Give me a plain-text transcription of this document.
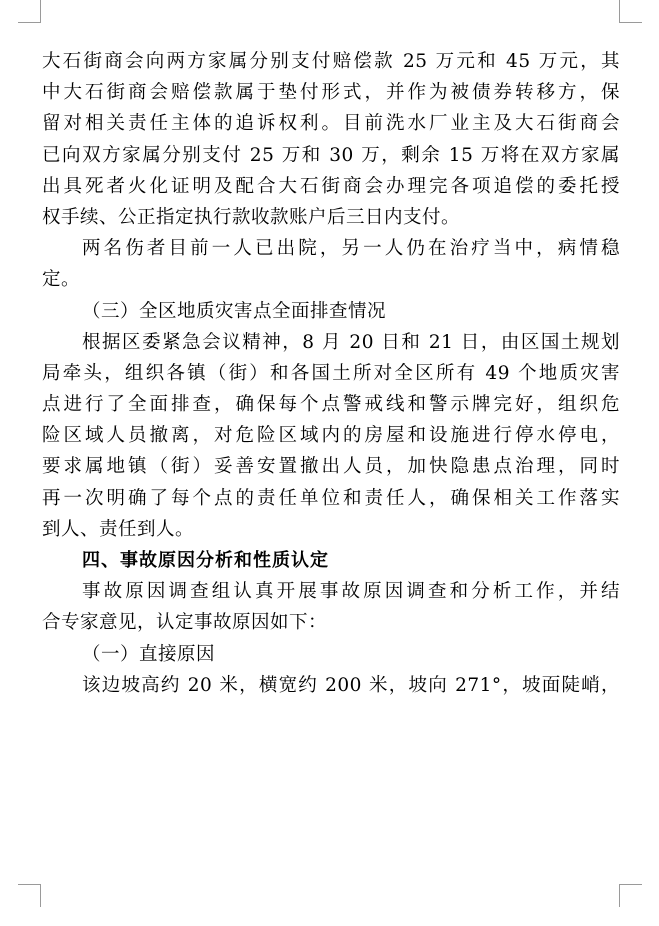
大石街商会向两方家属分别支付赔偿款 25 万元和 45 万元，其
中大石街商会赔偿款属于垫付形式，并作为被债券转移方，保
留对相关责任主体的追诉权利。目前洗水厂业主及大石街商会
已向双方家属分别支付 25 万和 30 万，剩余 15 万将在双方家属
出具死者火化证明及配合大石街商会办理完各项追偿的委托授
权手续、公正指定执行款收款账户后三日内支付。
两名伤者目前一人已出院，另一人仍在治疗当中，病情稳
定。
（三）全区地质灾害点全面排查情况
根据区委紧急会议精神，8 月 20 日和 21 日，由区国土规划
局牵头，组织各镇（街）和各国土所对全区所有 49 个地质灾害
点进行了全面排查，确保每个点警戒线和警示牌完好，组织危
险区域人员撤离，对危险区域内的房屋和设施进行停水停电，
要求属地镇（街）妥善安置撤出人员，加快隐患点治理，同时
再一次明确了每个点的责任单位和责任人，确保相关工作落实
到人、责任到人。
四、事故原因分析和性质认定
事故原因调查组认真开展事故原因调查和分析工作，并结
合专家意见，认定事故原因如下：
（一）直接原因
该边坡高约 20 米，横宽约 200 米，坡向 271°，坡面陡峭，
